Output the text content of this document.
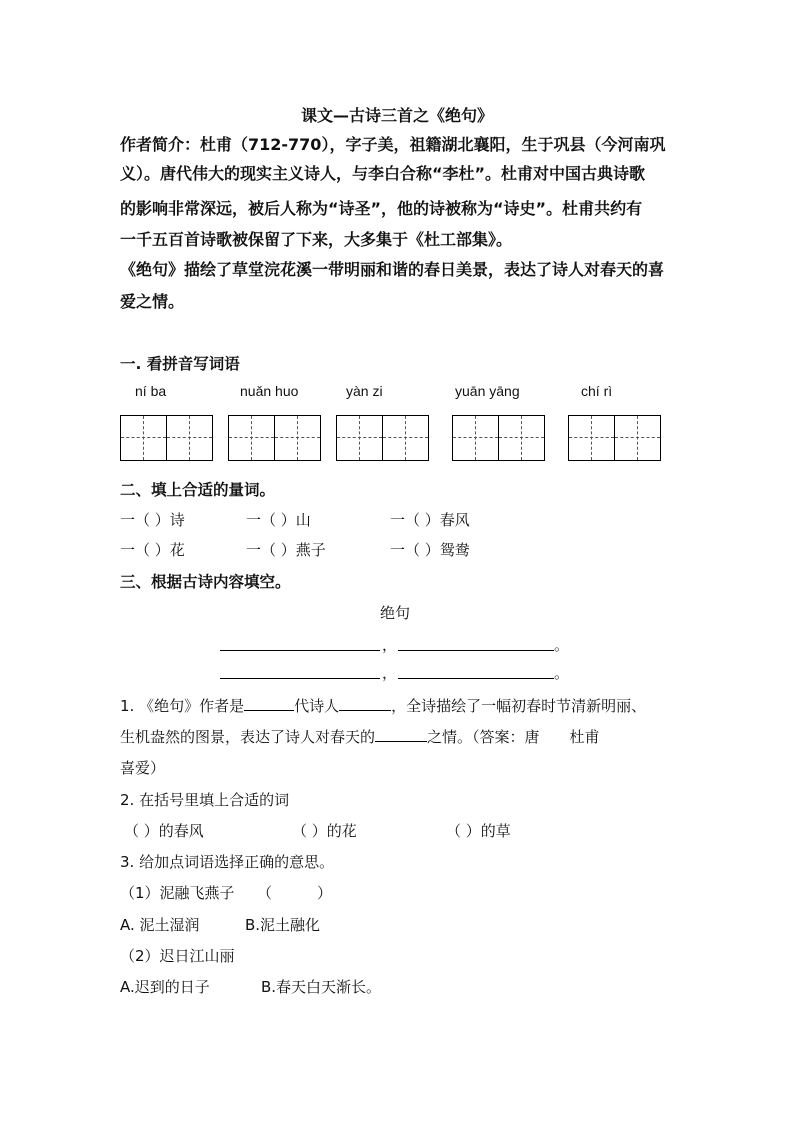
课文—古诗三首之《绝句》
作者简介：杜甫（712-770），字子美，祖籍湖北襄阳，生于巩县（今河南巩
义）。唐代伟大的现实主义诗人，与李白合称“李杜”。杜甫对中国古典诗歌
的影响非常深远，被后人称为“诗圣”，他的诗被称为“诗史”。杜甫共约有
一千五百首诗歌被保留了下来，大多集于《杜工部集》。
《绝句》描绘了草堂浣花溪一带明丽和谐的春日美景，表达了诗人对春天的喜
爱之情。
一. 看拼音写词语
ní ba	nuǎn huo	yàn zi	yuān yāng	chí rì
二、填上合适的量词。
一（ ）诗	一（ ）山	一（ ）春风
一（ ）花	一（ ）燕子	一（ ）鸳鸯
三、根据古诗内容填空。
绝句
，	。
，	。
1. 《绝句》作者是	代诗人	，全诗描绘了一幅初春时节清新明丽、
生机盎然的图景，表达了诗人对春天的	之情。（答案：唐　　杜甫
喜爱）
2. 在括号里填上合适的词
（ ）的春风	（ ）的花	（ ）的草
3. 给加点词语选择正确的意思。
（1）泥融飞燕子　　（　　　）
A. 泥土湿润	B.泥土融化
（2）迟日江山丽
A.迟到的日子	B.春天白天渐长。
